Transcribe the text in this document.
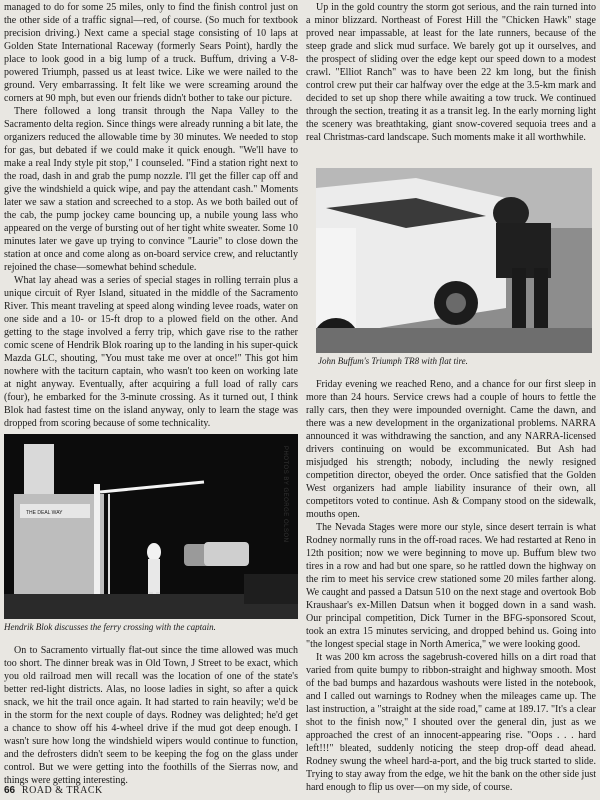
managed to do for some 25 miles, only to find the finish control just on the other side of a traffic signal—red, of course. (So much for textbook precision driving.) Next came a special stage consisting of 10 laps at Golden State International Raceway (formerly Sears Point), hardly the place to look good in a big lump of a truck. Buffum, driving a V-8-powered Triumph, passed us at least twice. Like we were nailed to the ground. Very embarrassing. It felt like we were screaming around the corners at 90 mph, but even our friends didn't bother to take our picture.

There followed a long transit through the Napa Valley to the Sacramento delta region. Since things were already running a bit late, the organizers reduced the allowable time by 30 minutes. We needed to stop for gas, but debated if we could make it quick enough. "We'll have to make a real Indy style pit stop," I counseled. "Find a station right next to the road, dash in and grab the pump nozzle. I'll get the filler cap off and give the windshield a quick wipe, and pay the attendant cash." Moments later we saw a station and screeched to a stop. As we both bailed out of the cab, the pump jockey came bouncing up, a nubile young lass who appeared on the verge of bursting out of her tight white sweater. Some 10 minutes later we gave up trying to convince "Laurie" to close down the station at once and come along as on-board service crew, and reluctantly rejoined the chase—somewhat behind schedule.

What lay ahead was a series of special stages in rolling terrain plus a unique circuit of Ryer Island, situated in the middle of the Sacramento River. This meant traveling at speed along winding levee roads, water on one side and a 10- or 15-ft drop to a plowed field on the other. And getting to the stage involved a ferry trip, which gave rise to the rather comic scene of Hendrik Blok roaring up to the landing in his super-quick Mazda GLC, shouting, "You must take me over at once!" This got him nowhere with the taciturn captain, who wasn't too keen on working late at night anyway. Eventually, after acquiring a full load of rally cars (four), he embarked for the 3-minute crossing. As it turned out, I think Blok had fastest time on the island anyway, only to learn the stage was dropped from scoring because of some technicality.

THE DEAL WAY	PHOTOS BY GEORGE OLSON
Hendrik Blok discusses the ferry crossing with the captain.

On to Sacramento virtually flat-out since the time allowed was much too short. The dinner break was in Old Town, J Street to be exact, which you old railroad men will recall was the location of one of the state's better red-light districts. Alas, no loose ladies in sight, so after a quick snack, we hit the trail once again. It had started to rain heavily; we'd be in the storm for the next couple of days. Rodney was delighted; he'd get a chance to show off his 4-wheel drive if the mud got deep enough. I wasn't sure how long the windshield wipers would continue to function, and the defrosters didn't seem to be keeping the fog on the glass under control. But we were getting into the foothills of the Sierras now, and things were getting interesting.

Up in the gold country the storm got serious, and the rain turned into a minor blizzard. Northeast of Forest Hill the "Chicken Hawk" stage proved near impassable, at least for the late runners, because of the steep grade and slick mud surface. We barely got up it ourselves, and the prospect of sliding over the edge kept our speed down to a modest crawl. "Elliot Ranch" was to have been 22 km long, but the finish control crew put their car halfway over the edge at the 3.5-km mark and decided to set up shop there while awaiting a tow truck. We continued through the section, treating it as a transit leg. In the early morning light the scenery was breathtaking, giant snow-covered sequoia trees and a real Christmas-card landscape. Such moments make it all worthwhile.

John Buffum's Triumph TR8 with flat tire.

Friday evening we reached Reno, and a chance for our first sleep in more than 24 hours. Service crews had a couple of hours to fettle the rally cars, then they were impounded overnight. Came the dawn, and there was a new development in the organizational problems. NARRA announced it was withdrawing the sanction, and any NARRA-licensed drivers continuing on would be excommunicated. But Ash had misjudged his strength; nobody, including the newly resigned competition director, obeyed the order. Once satisfied that the Golden West organizers had ample liability insurance of their own, all competitors voted to continue. Ash & Company stood on the sidewalk, mouths open.

The Nevada Stages were more our style, since desert terrain is what Rodney normally runs in the off-road races. We had restarted at Reno in 12th position; now we were beginning to move up. Buffum blew two tires in a row and had but one spare, so he rattled down the highway on the rim to meet his service crew stationed some 20 miles farther along. We caught and passed a Datsun 510 on the next stage and overtook Bob Kraushaar's ex-Millen Datsun when it bogged down in a sand wash. Our principal competition, Dick Turner in the BFG-sponsored Scout, took an extra 15 minutes servicing, and dropped behind us. Going into "the longest special stage in North America," we were looking good.

It was 200 km across the sagebrush-covered hills on a dirt road that varied from quite bumpy to ribbon-straight and highway smooth. Most of the bad bumps and hazardous washouts were listed in the notebook, and I called out warnings to Rodney when the mileages came up. The last instruction, a "straight at the side road," came at 189.17. "It's a clear shot to the finish now," I shouted over the general din, just as we approached the crest of an innocent-appearing rise. "Oops . . . hard left!!!" bleated, suddenly noticing the steep drop-off dead ahead. Rodney swung the wheel hard-a-port, and the big truck started to slide. Trying to stay away from the edge, we hit the bank on the other side just hard enough to flip us over—on my side, of course.

66 ROAD & TRACK
